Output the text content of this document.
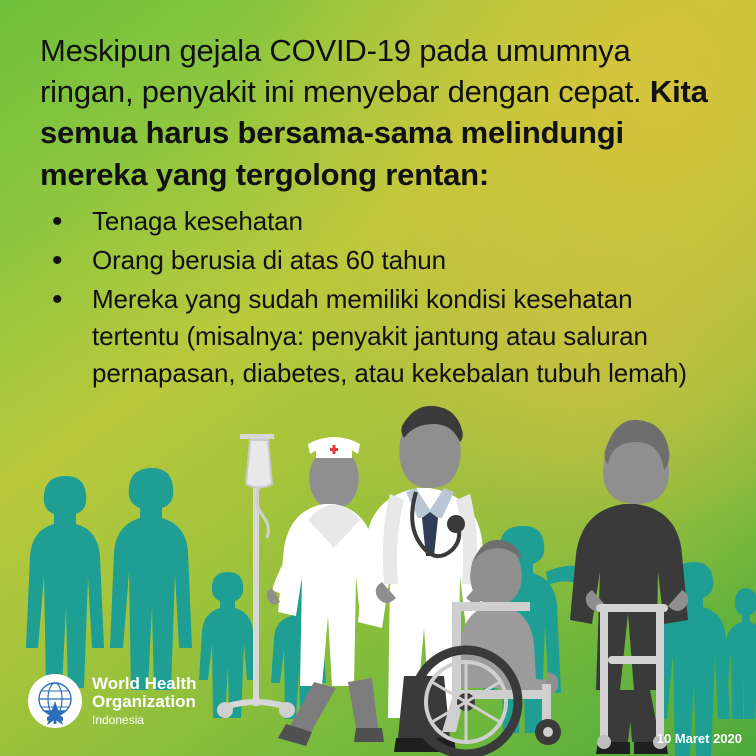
Meskipun gejala COVID-19 pada umumnya ringan, penyakit ini menyebar dengan cepat. Kita semua harus bersama-sama melindungi mereka yang tergolong rentan:

• Tenaga kesehatan
• Orang berusia di atas 60 tahun
• Mereka yang sudah memiliki kondisi kesehatan tertentu (misalnya: penyakit jantung atau saluran pernapasan, diabetes, atau kekebalan tubuh lemah)
World Health
Organization
Indonesia
10 Maret 2020
